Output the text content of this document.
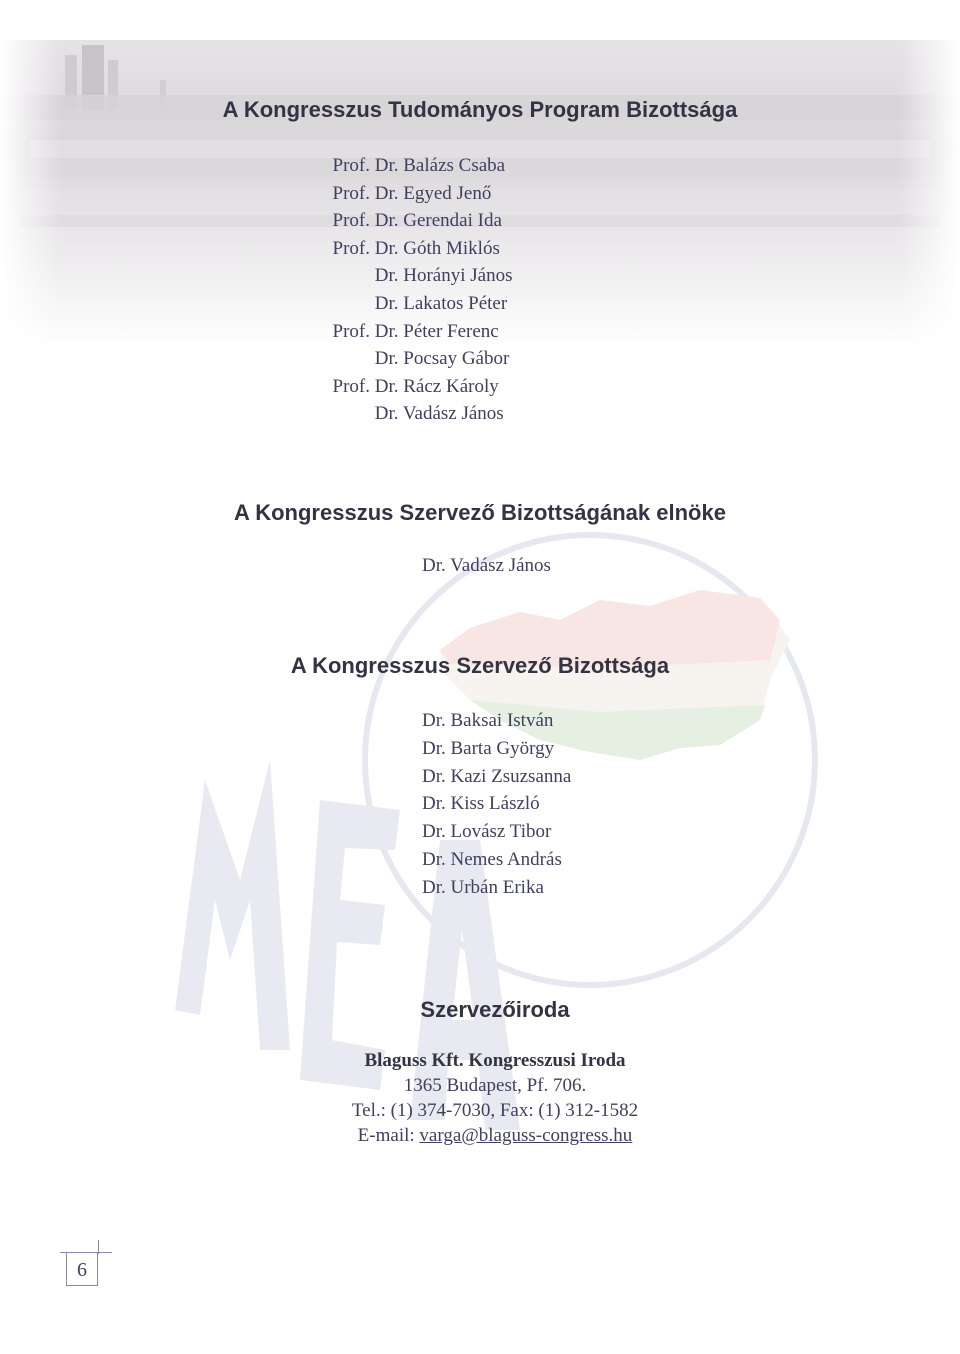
A Kongresszus Tudományos Program Bizottsága
Prof. Dr. Balázs Csaba
Prof. Dr. Egyed Jenő
Prof. Dr. Gerendai Ida
Prof. Dr. Góth Miklós
Dr. Horányi János
Dr. Lakatos Péter
Prof. Dr. Péter Ferenc
Dr. Pocsay Gábor
Prof. Dr. Rácz Károly
Dr. Vadász János
A Kongresszus Szervező Bizottságának elnöke
Dr. Vadász János
A Kongresszus Szervező Bizottsága
Dr. Baksai István
Dr. Barta György
Dr. Kazi Zsuzsanna
Dr. Kiss László
Dr. Lovász Tibor
Dr. Nemes András
Dr. Urbán Erika
Szervezőiroda
Blaguss Kft. Kongresszusi Iroda
1365 Budapest, Pf. 706.
Tel.: (1) 374-7030, Fax: (1) 312-1582
E-mail: varga@blaguss-congress.hu
6
